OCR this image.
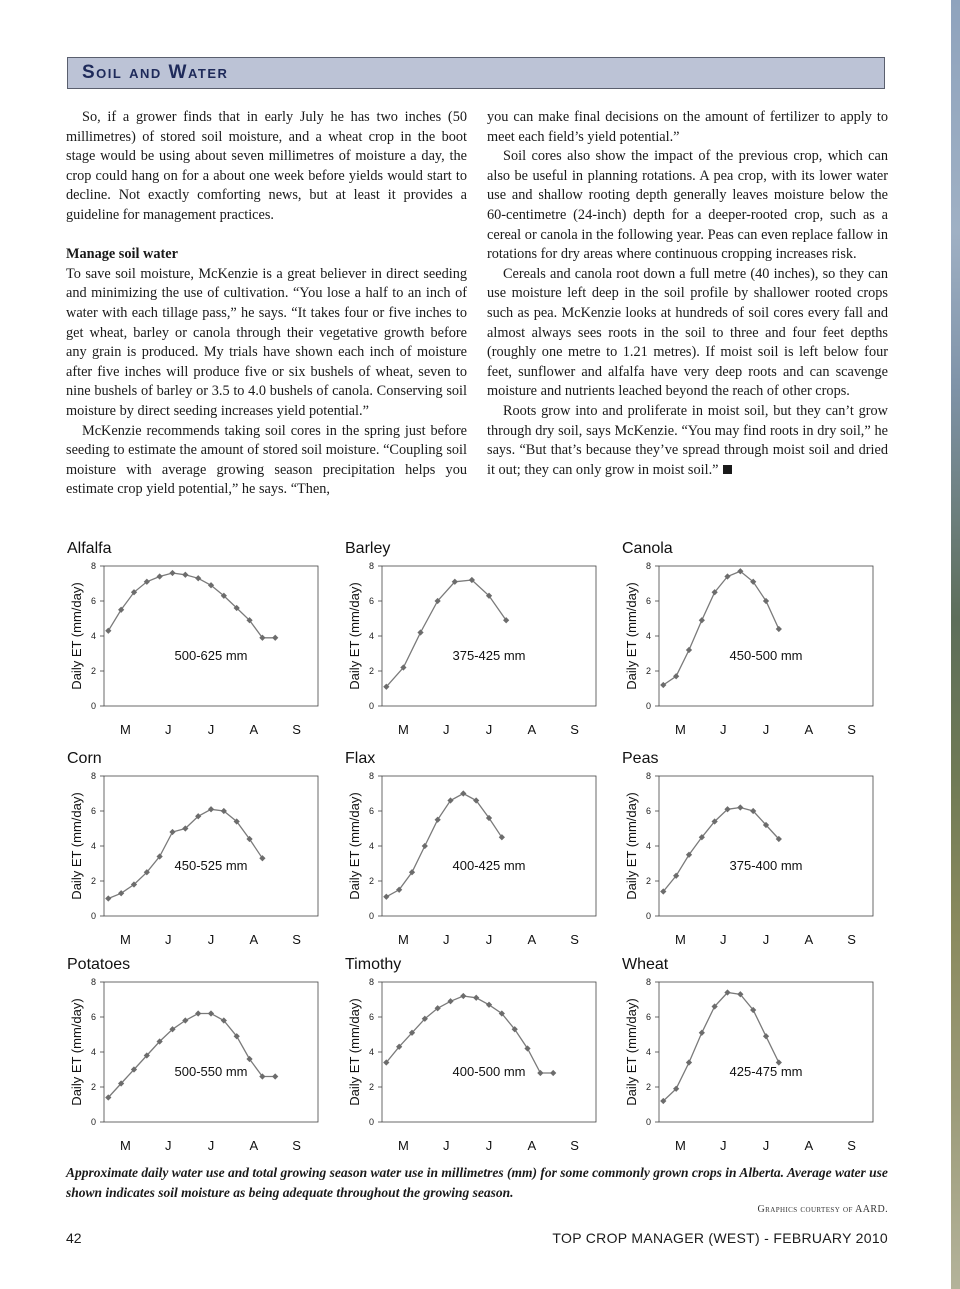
Soil and Water

So, if a grower finds that in early July he has two inches (50 millimetres) of stored soil moisture, and a wheat crop in the boot stage would be using about seven millimetres of moisture a day, the crop could hang on for a about one week before yields would start to decline. Not exactly comforting news, but at least it provides a guideline for management practices.

Manage soil water

To save soil moisture, McKenzie is a great believer in direct seeding and minimizing the use of cultivation. “You lose a half to an inch of water with each tillage pass,” he says. “It takes four or five inches to get wheat, barley or canola through their vegetative growth before any grain is produced. My trials have shown each inch of moisture after five inches will produce five or six bushels of wheat, seven to nine bushels of barley or 3.5 to 4.0 bushels of canola. Conserving soil moisture by direct seeding increases yield potential.”

McKenzie recommends taking soil cores in the spring just before seeding to estimate the amount of stored soil moisture. “Coupling soil moisture with average growing season precipitation helps you estimate crop yield potential,” he says. “Then,

you can make final decisions on the amount of fertilizer to apply to meet each field’s yield potential.”

Soil cores also show the impact of the previous crop, which can also be useful in planning rotations. A pea crop, with its lower water use and shallow rooting depth generally leaves moisture below the 60-centimetre (24-inch) depth for a deeper-rooted crop, such as a cereal or canola in the following year. Peas can even replace fallow in rotations for dry areas where continuous cropping increases risk.

Cereals and canola root down a full metre (40 inches), so they can use moisture left deep in the soil profile by shallower rooted crops such as pea. McKenzie looks at hundreds of soil cores every fall and almost always sees roots in the soil to three and four feet depths (roughly one metre to 1.21 metres). If moist soil is left below four feet, sunflower and alfalfa have very deep roots and can scavenge moisture and nutrients leached beyond the reach of other crops.

Roots grow into and proliferate in moist soil, but they can’t grow through dry soil, says McKenzie. “You may find roots in dry soil,” he says. “But that’s because they’ve spread through moist soil and dried it out; they can only grow in moist soil.”

Alfalfa
0
2
4
6
8
Daily ET (mm/day)
M	J	J	A	S
500-625 mm
Barley
0
2
4
6
8
Daily ET (mm/day)
M	J	J	A	S
375-425 mm
Canola
0
2
4
6
8
Daily ET (mm/day)
M	J	J	A	S
450-500 mm
Corn
0
2
4
6
8
Daily ET (mm/day)
M	J	J	A	S
450-525 mm
Flax
0
2
4
6
8
Daily ET (mm/day)
M	J	J	A	S
400-425 mm
Peas
0
2
4
6
8
Daily ET (mm/day)
M	J	J	A	S
375-400 mm
Potatoes
0
2
4
6
8
Daily ET (mm/day)
M	J	J	A	S
500-550 mm
Timothy
0
2
4
6
8
Daily ET (mm/day)
M	J	J	A	S
400-500 mm
Wheat
0
2
4
6
8
Daily ET (mm/day)
M	J	J	A	S
425-475 mm
Approximate daily water use and total growing season water use in millimetres (mm) for some commonly grown crops in Alberta. Average water use shown indicates soil moisture as being adequate throughout the growing season.
Graphics courtesy of AARD.
42	TOP CROP MANAGER (WEST) - FEBRUARY 2010
